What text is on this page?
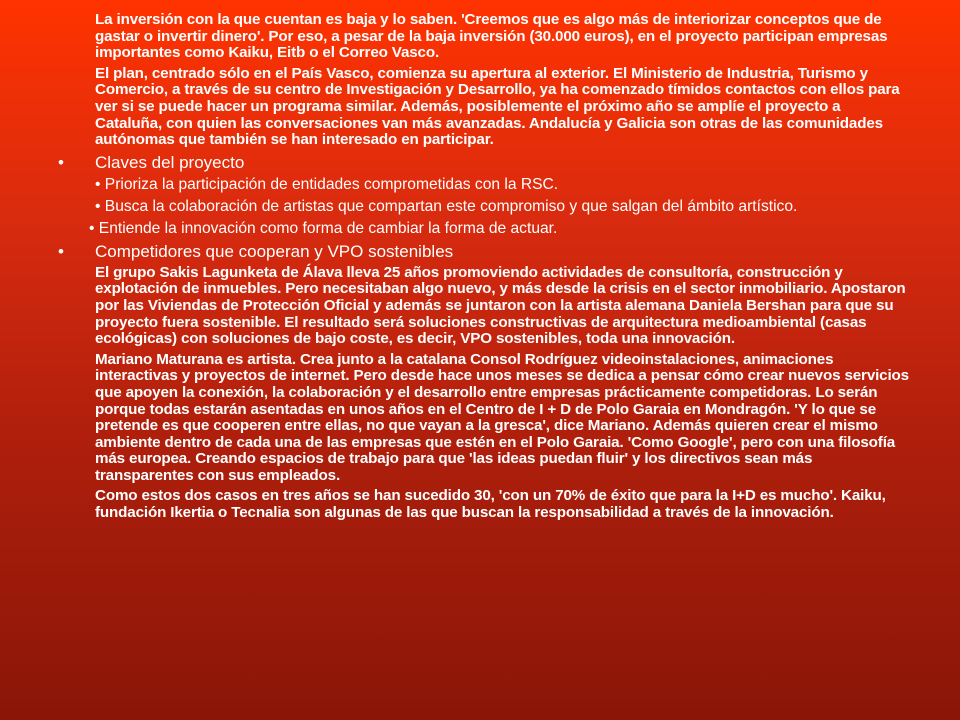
La inversión con la que cuentan es baja y lo saben. 'Creemos que es algo más de interiorizar conceptos que de gastar o invertir dinero'. Por eso, a pesar de la baja inversión (30.000 euros), en el proyecto participan empresas importantes como Kaiku, Eitb o el Correo Vasco.
El plan, centrado sólo en el País Vasco, comienza su apertura al exterior. El Ministerio de Industria, Turismo y Comercio, a través de su centro de Investigación y Desarrollo, ya ha comenzado tímidos contactos con ellos para ver si se puede hacer un programa similar. Además, posiblemente el próximo año se amplíe el proyecto a Cataluña, con quien las conversaciones van más avanzadas. Andalucía y Galicia son otras de las comunidades autónomas que también se han interesado en participar.
• Claves del proyecto
• Prioriza la participación de entidades comprometidas con la RSC.
• Busca la colaboración de artistas que compartan este compromiso y que salgan del ámbito artístico.
• Entiende la innovación como forma de cambiar la forma de actuar.
• Competidores que cooperan y VPO sostenibles
El grupo Sakis Lagunketa de Álava lleva 25 años promoviendo actividades de consultoría, construcción y explotación de inmuebles. Pero necesitaban algo nuevo, y más desde la crisis en el sector inmobiliario. Apostaron por las Viviendas de Protección Oficial y además se juntaron con la artista alemana Daniela Bershan para que su proyecto fuera sostenible. El resultado será soluciones constructivas de arquitectura medioambiental (casas ecológicas) con soluciones de bajo coste, es decir, VPO sostenibles, toda una innovación.
Mariano Maturana es artista. Crea junto a la catalana Consol Rodríguez videoinstalaciones, animaciones interactivas y proyectos de internet. Pero desde hace unos meses se dedica a pensar cómo crear nuevos servicios que apoyen la conexión, la colaboración y el desarrollo entre empresas prácticamente competidoras. Lo serán porque todas estarán asentadas en unos años en el Centro de I + D de Polo Garaia en Mondragón. 'Y lo que se pretende es que cooperen entre ellas, no que vayan a la gresca', dice Mariano. Además quieren crear el mismo ambiente dentro de cada una de las empresas que estén en el Polo Garaia. 'Como Google', pero con una filosofía más europea. Creando espacios de trabajo para que 'las ideas puedan fluir' y los directivos sean más transparentes con sus empleados.
Como estos dos casos en tres años se han sucedido 30, 'con un 70% de éxito que para la I+D es mucho'. Kaiku, fundación Ikertia o Tecnalia son algunas de las que buscan la responsabilidad a través de la innovación.
